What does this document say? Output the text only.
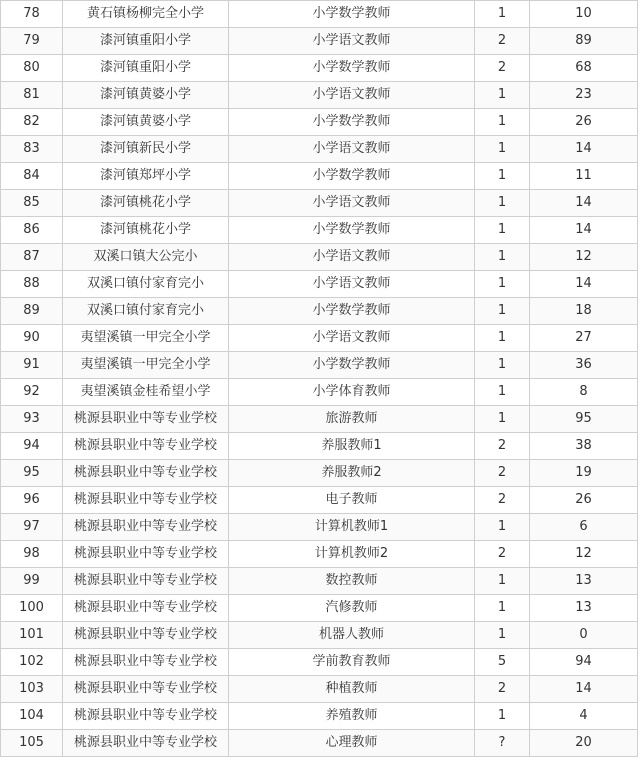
78	黄石镇杨柳完全小学	小学数学教师	1	10
79	漆河镇重阳小学	小学语文教师	2	89
80	漆河镇重阳小学	小学数学教师	2	68
81	漆河镇黄婆小学	小学语文教师	1	23
82	漆河镇黄婆小学	小学数学教师	1	26
83	漆河镇新民小学	小学语文教师	1	14
84	漆河镇郑坪小学	小学数学教师	1	11
85	漆河镇桃花小学	小学语文教师	1	14
86	漆河镇桃花小学	小学数学教师	1	14
87	双溪口镇大公完小	小学语文教师	1	12
88	双溪口镇付家育完小	小学语文教师	1	14
89	双溪口镇付家育完小	小学数学教师	1	18
90	夷望溪镇一甲完全小学	小学语文教师	1	27
91	夷望溪镇一甲完全小学	小学数学教师	1	36
92	夷望溪镇金桂希望小学	小学体育教师	1	8
93	桃源县职业中等专业学校	旅游教师	1	95
94	桃源县职业中等专业学校	养服教师1	2	38
95	桃源县职业中等专业学校	养服教师2	2	19
96	桃源县职业中等专业学校	电子教师	2	26
97	桃源县职业中等专业学校	计算机教师1	1	6
98	桃源县职业中等专业学校	计算机教师2	2	12
99	桃源县职业中等专业学校	数控教师	1	13
100	桃源县职业中等专业学校	汽修教师	1	13
101	桃源县职业中等专业学校	机器人教师	1	0
102	桃源县职业中等专业学校	学前教育教师	5	94
103	桃源县职业中等专业学校	种植教师	2	14
104	桃源县职业中等专业学校	养殖教师	1	4
105	桃源县职业中等专业学校	心理教师	?	20
